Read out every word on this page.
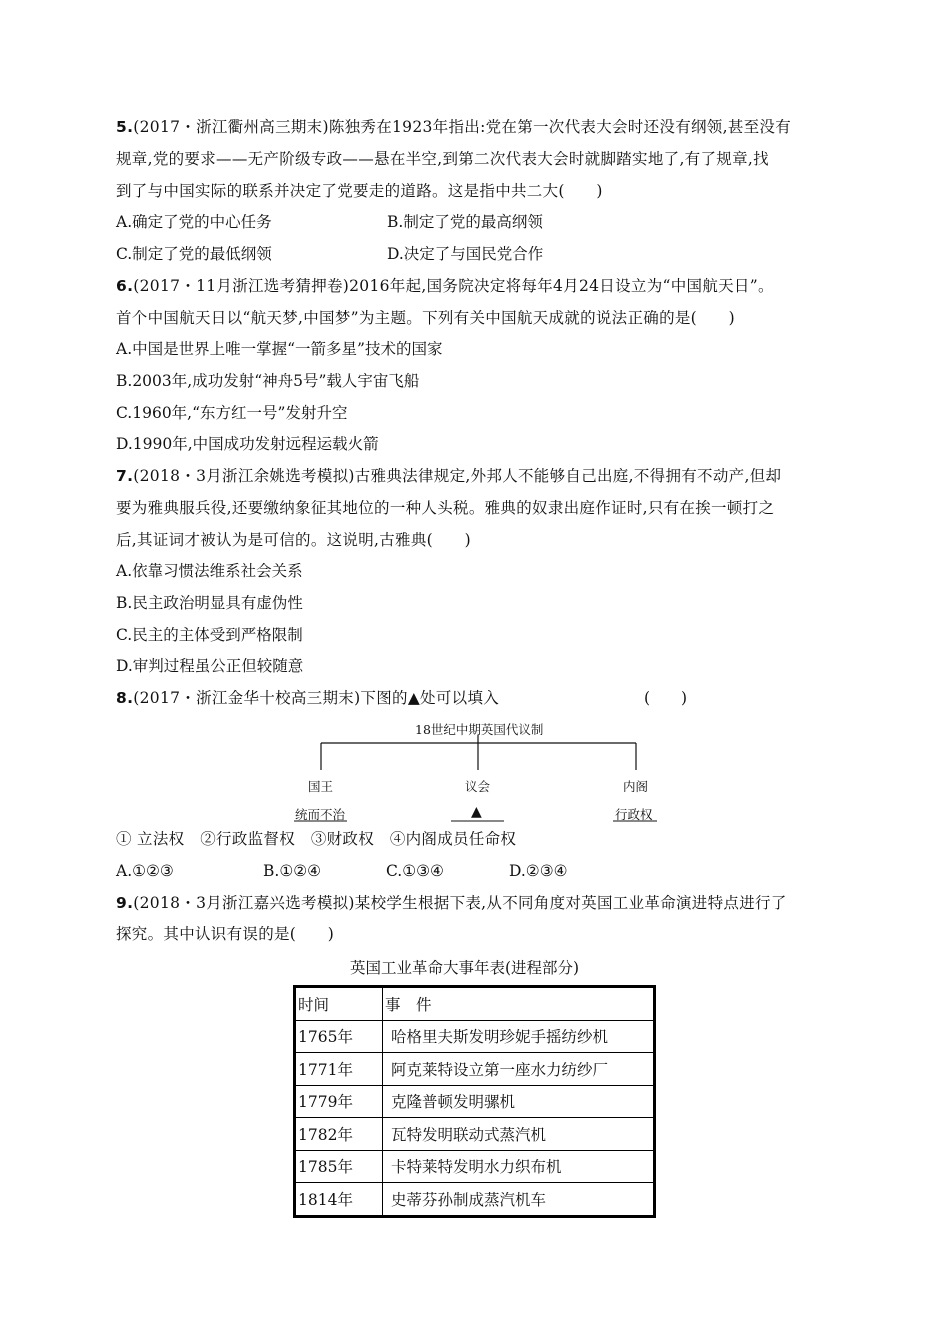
5.(2017・浙江衢州高三期末)陈独秀在1923年指出:党在第一次代表大会时还没有纲领,甚至没有
规章,党的要求——无产阶级专政——悬在半空,到第二次代表大会时就脚踏实地了,有了规章,找
到了与中国实际的联系并决定了党要走的道路。这是指中共二大(　　)
A.确定了党的中心任务	B.制定了党的最高纲领
C.制定了党的最低纲领	D.决定了与国民党合作
6.(2017・11月浙江选考猜押卷)2016年起,国务院决定将每年4月24日设立为“中国航天日”。
首个中国航天日以“航天梦,中国梦”为主题。下列有关中国航天成就的说法正确的是(　　)
A.中国是世界上唯一掌握“一箭多星”技术的国家
B.2003年,成功发射“神舟5号”载人宇宙飞船
C.1960年,“东方红一号”发射升空
D.1990年,中国成功发射远程运载火箭
7.(2018・3月浙江余姚选考模拟)古雅典法律规定,外邦人不能够自己出庭,不得拥有不动产,但却
要为雅典服兵役,还要缴纳象征其地位的一种人头税。雅典的奴隶出庭作证时,只有在挨一顿打之
后,其证词才被认为是可信的。这说明,古雅典(　　)
A.依靠习惯法维系社会关系
B.民主政治明显具有虚伪性
C.民主的主体受到严格限制
D.审判过程虽公正但较随意
8.(2017・浙江金华十校高三期末)下图的▲处可以填入	(　　)
18世纪中期英国代议制
国王	议会	内阁
统而不治	▲	行政权
① 立法权　②行政监督权　③财政权　④内阁成员任命权
A.①②③	B.①②④	C.①③④	D.②③④
9.(2018・3月浙江嘉兴选考模拟)某校学生根据下表,从不同角度对英国工业革命演进特点进行了
探究。其中认识有误的是(　　)
英国工业革命大事年表(进程部分)
时间	事　件
1765年	哈格里夫斯发明珍妮手摇纺纱机
1771年	阿克莱特设立第一座水力纺纱厂
1779年	克隆普顿发明骡机
1782年	瓦特发明联动式蒸汽机
1785年	卡特莱特发明水力织布机
1814年	史蒂芬孙制成蒸汽机车
